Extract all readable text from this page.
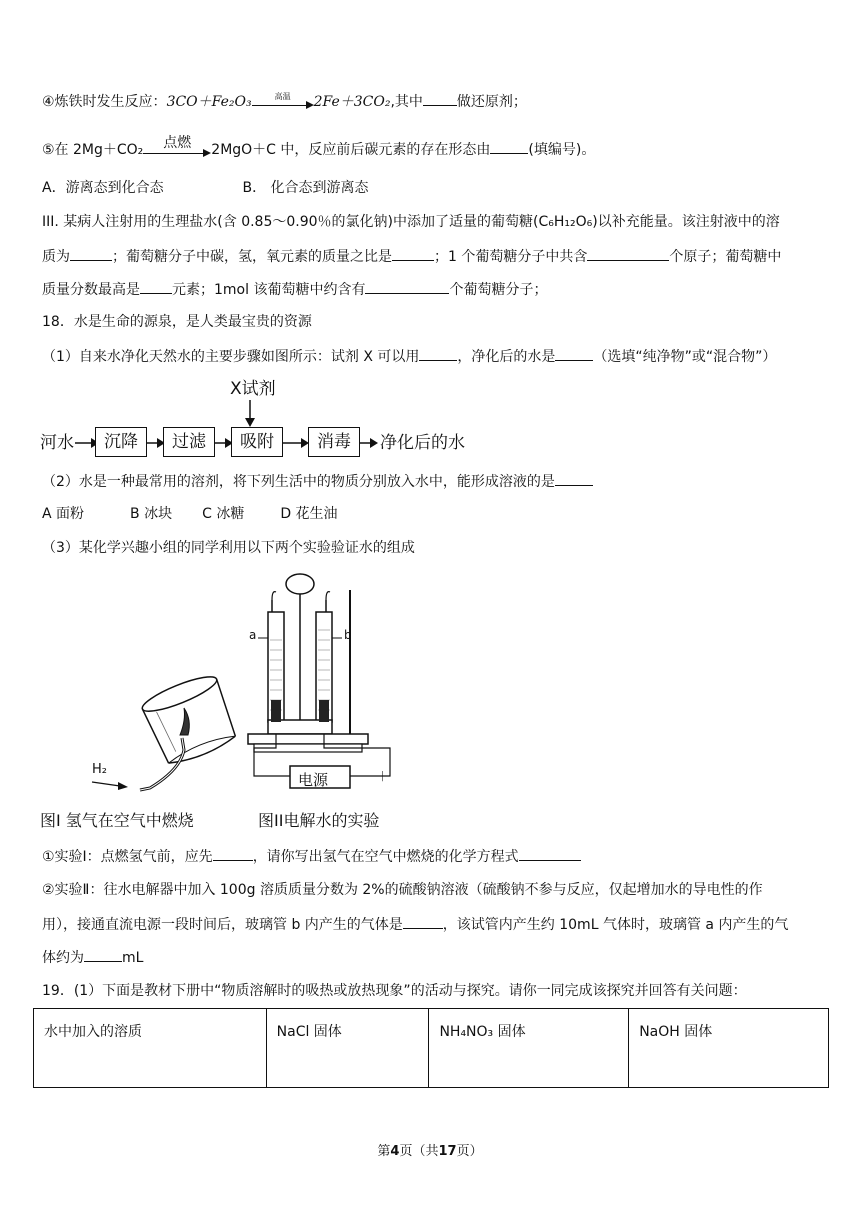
④炼铁时发生反应：3CO＋Fe₂O₃	高温	2Fe＋3CO₂,其中 做还原剂；
⑤在 2Mg＋CO₂	点燃	2MgO＋C 中，反应前后碳元素的存在形态由	(填编号)。
A．游离态到化合态	B． 化合态到游离态
III. 某病人注射用的生理盐水(含 0.85～0.90％的氯化钠)中添加了适量的葡萄糖(C₆H₁₂O₆)以补充能量。该注射液中的溶
质为	；葡萄糖分子中碳，氢，氧元素的质量之比是	；1 个葡萄糖分子中共含	个原子；葡萄糖中
质量分数最高是 元素；1mol 该葡萄糖中约含有	个葡萄糖分子；
18．水是生命的源泉，是人类最宝贵的资源
（1）自来水净化天然水的主要步骤如图所示：试剂 X 可以用	，净化后的水是	（选填“纯净物”或“混合物”）
X试剂
河水	沉降	过滤	吸附	消毒	净化后的水
（2）水是一种最常用的溶剂，将下列生活中的物质分别放入水中，能形成溶液的是
A 面粉	B 冰块 C 冰糖	D 花生油
（3）某化学兴趣小组的同学利用以下两个实验验证水的组成
H₂
a	b
－ 电源	＋
图I 氢气在空气中燃烧	图II电解水的实验
①实验Ⅰ：点燃氢气前，应先	，请你写出氢气在空气中燃烧的化学方程式
②实验Ⅱ：往水电解器中加入 100g 溶质质量分数为 2%的硫酸钠溶液（硫酸钠不参与反应，仅起增加水的导电性的作
用），接通直流电源一段时间后，玻璃管 b 内产生的气体是	，该试管内产生约 10mL 气体时，玻璃管 a 内产生的气
体约为	mL
19．(1）下面是教材下册中“物质溶解时的吸热或放热现象”的活动与探究。请你一同完成该探究并回答有关问题：
水中加入的溶质	NaCl 固体	NH₄NO₃ 固体	NaOH 固体
第4页（共17页）
